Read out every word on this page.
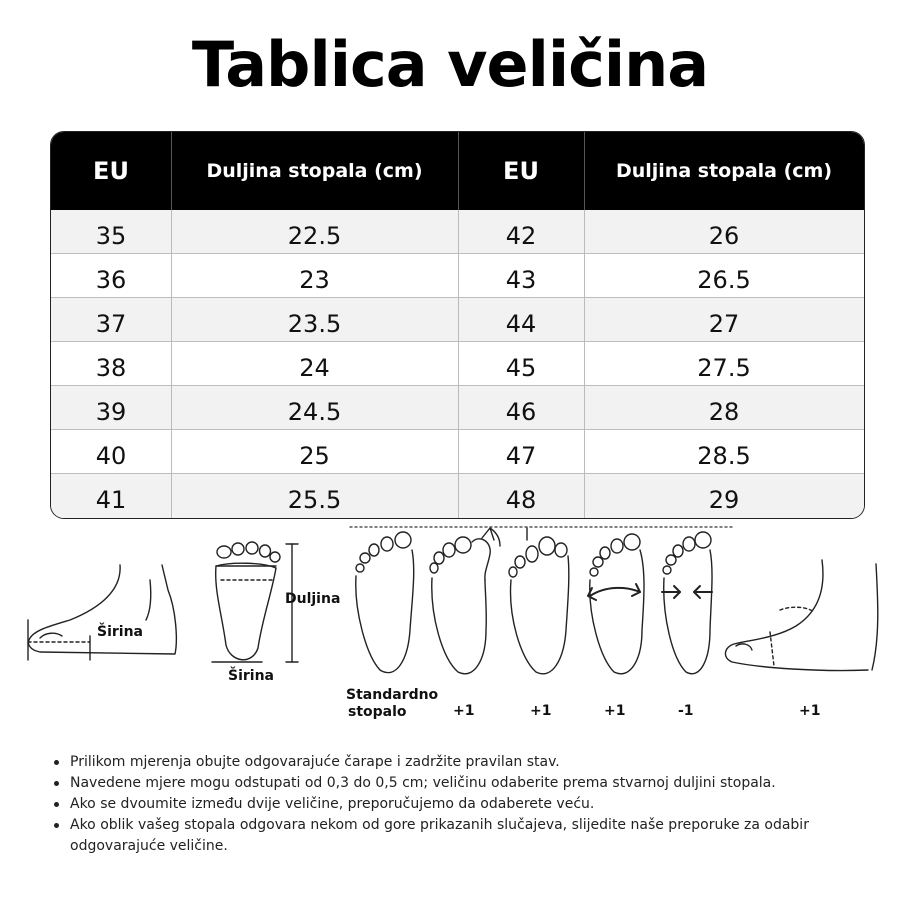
Tablica veličina
EU	Duljina stopala (cm)	EU	Duljina stopala (cm)
35	22.5	42	26
36	23	43	26.5
37	23.5	44	27
38	24	45	27.5
39	24.5	46	28
40	25	47	28.5
41	25.5	48	29
Širina
Duljina
Širina
Standardno
stopalo	+1	+1	+1	-1	+1
Prilikom mjerenja obujte odgovarajuće čarape i zadržite pravilan stav.
Navedene mjere mogu odstupati od 0,3 do 0,5 cm; veličinu odaberite prema stvarnoj duljini stopala.
Ako se dvoumite između dvije veličine, preporučujemo da odaberete veću.
Ako oblik vašeg stopala odgovara nekom od gore prikazanih slučajeva, slijedite naše preporuke za odabir odgovarajuće veličine.
